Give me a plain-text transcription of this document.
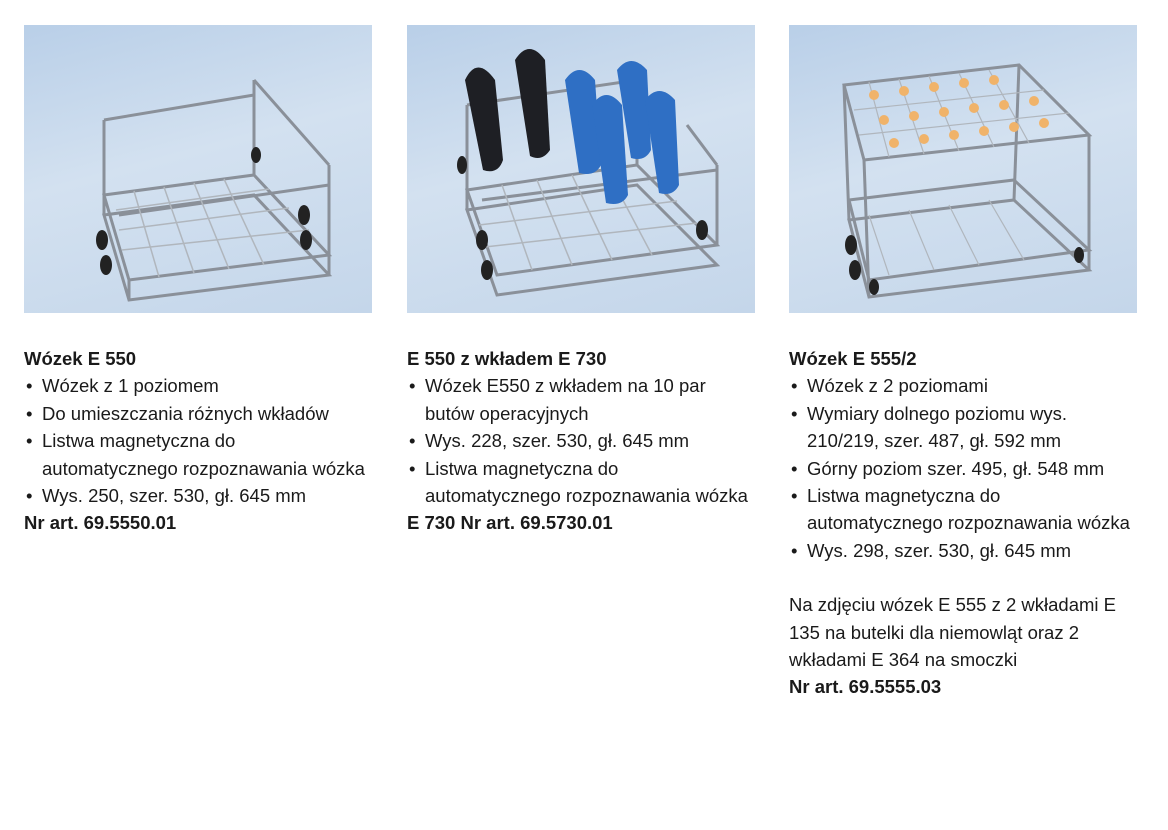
Wózek E 550
• Wózek z 1 poziomem
• Do umieszczania różnych wkładów
• Listwa magnetyczna do automatycznego rozpoznawania wózka
• Wys. 250, szer. 530, gł. 645 mm
Nr art. 69.5550.01
E 550 z wkładem E 730
• Wózek E550 z wkładem na 10 par butów operacyjnych
• Wys. 228, szer. 530, gł. 645 mm
• Listwa magnetyczna do automatycznego rozpoznawania wózka
E 730 Nr art. 69.5730.01
Wózek E 555/2
• Wózek z 2 poziomami
• Wymiary dolnego poziomu wys. 210/219, szer. 487, gł. 592 mm
• Górny poziom szer. 495, gł. 548 mm
• Listwa magnetyczna do automatycznego rozpoznawania wózka
• Wys. 298, szer. 530, gł. 645 mm
Na zdjęciu wózek E 555 z 2 wkładami E 135 na butelki dla niemowląt oraz 2 wkładami E 364 na smoczki
Nr art. 69.5555.03
